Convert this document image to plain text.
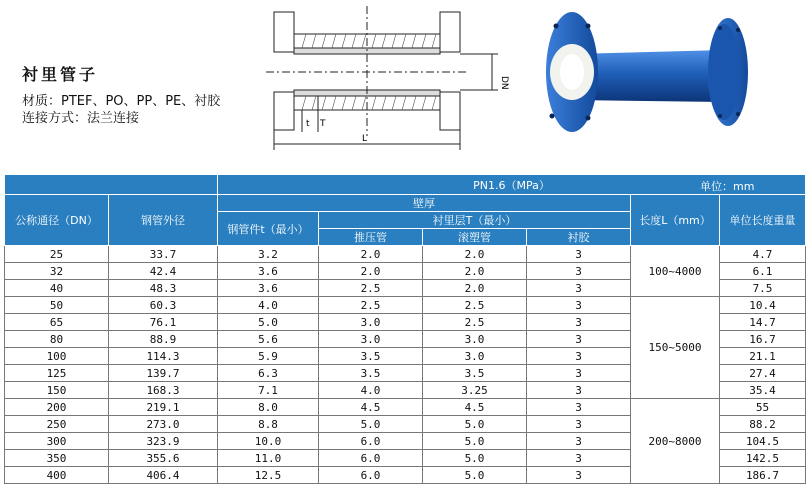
衬里管子
材质：PTEF、PO、PP、PE、衬胶
连接方式：法兰连接
DN
t T
L
		PN1.6（MPa）					
公称通径（DN）	钢管外径	壁厚				长度L（mm）	单位长度重量
		钢管件t（最小）	衬里层T（最小）				
			推压管	滚塑管	衬胶		
25	33.7	3.2	2.0	2.0	3	100~4000	4.7
32	42.4	3.6	2.0	2.0	3		6.1
40	48.3	3.6	2.5	2.0	3		7.5
50	60.3	4.0	2.5	2.5	3	150~5000	10.4
65	76.1	5.0	3.0	2.5	3		14.7
80	88.9	5.6	3.0	3.0	3		16.7
100	114.3	5.9	3.5	3.0	3		21.1
125	139.7	6.3	3.5	3.5	3		27.4
150	168.3	7.1	4.0	3.25	3		35.4
200	219.1	8.0	4.5	4.5	3	200~8000	55
250	273.0	8.8	5.0	5.0	3		88.2
300	323.9	10.0	6.0	5.0	3		104.5
350	355.6	11.0	6.0	5.0	3		142.5
400	406.4	12.5	6.0	5.0	3		186.7
单位：mm
